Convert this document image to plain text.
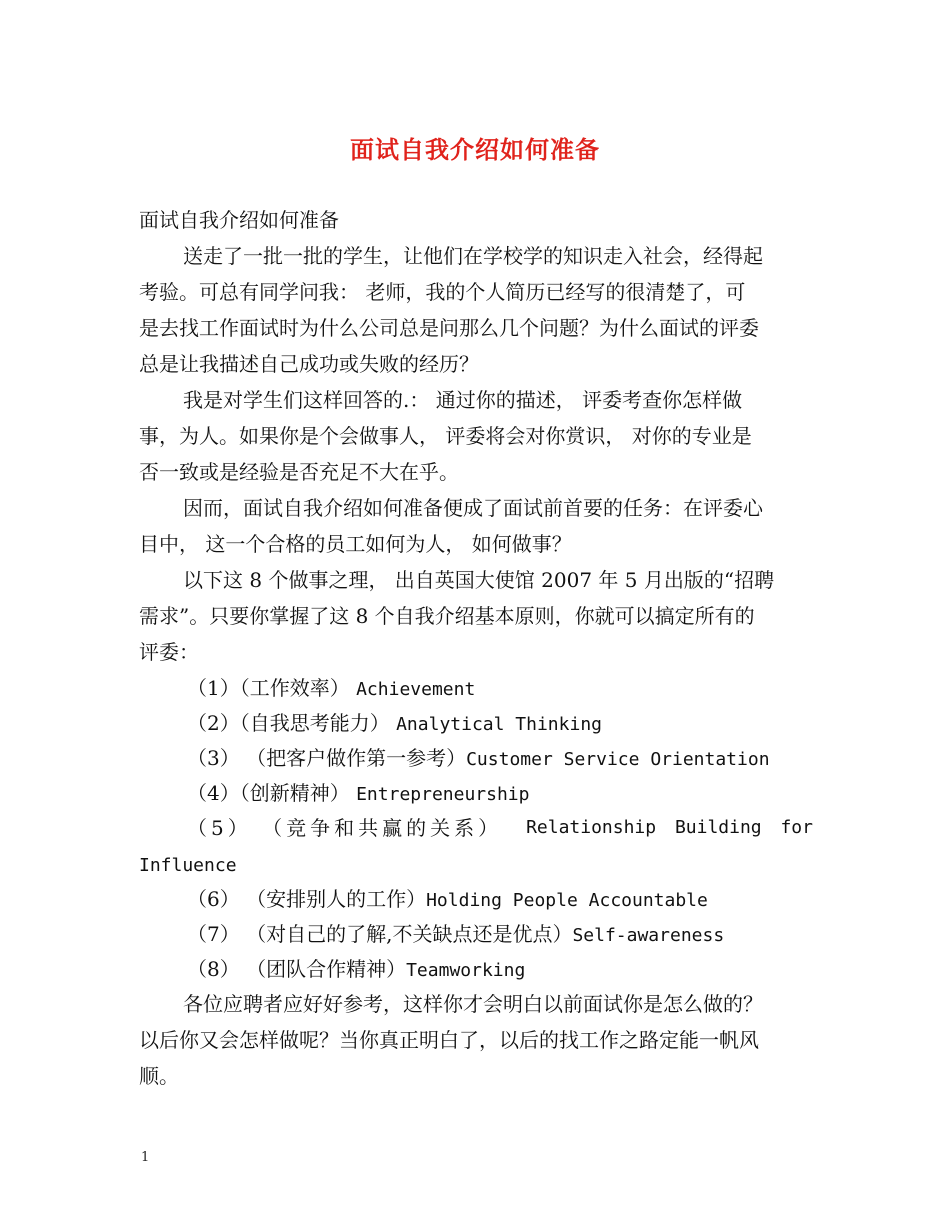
面试自我介绍如何准备
面试自我介绍如何准备
送走了一批一批的学生，让他们在学校学的知识走入社会，经得起
考验。可总有同学问我： 老师，我的个人简历已经写的很清楚了，可
是去找工作面试时为什么公司总是问那么几个问题？为什么面试的评委
总是让我描述自己成功或失败的经历？
我是对学生们这样回答的.： 通过你的描述， 评委考查你怎样做
事，为人。如果你是个会做事人， 评委将会对你赏识， 对你的专业是
否一致或是经验是否充足不大在乎。
因而，面试自我介绍如何准备便成了面试前首要的任务：在评委心
目中， 这一个合格的员工如何为人， 如何做事？
以下这 8 个做事之理， 出自英国大使馆 2007 年 5 月出版的“招聘
需求”。只要你掌握了这 8 个自我介绍基本原则，你就可以搞定所有的
评委：
（1）（工作效率） Achievement
（2）（自我思考能力） Analytical Thinking
（3） （把客户做作第一参考）Customer Service Orientation
（4）（创新精神） Entrepreneurship
（5） （竞争和共赢的关系） Relationship Building for
Influence
（6） （安排别人的工作）Holding People Accountable
（7） （对自己的了解,不关缺点还是优点）Self-awareness
（8） （团队合作精神）Teamworking
各位应聘者应好好参考，这样你才会明白以前面试你是怎么做的？
以后你又会怎样做呢？当你真正明白了，以后的找工作之路定能一帆风
顺。
1
